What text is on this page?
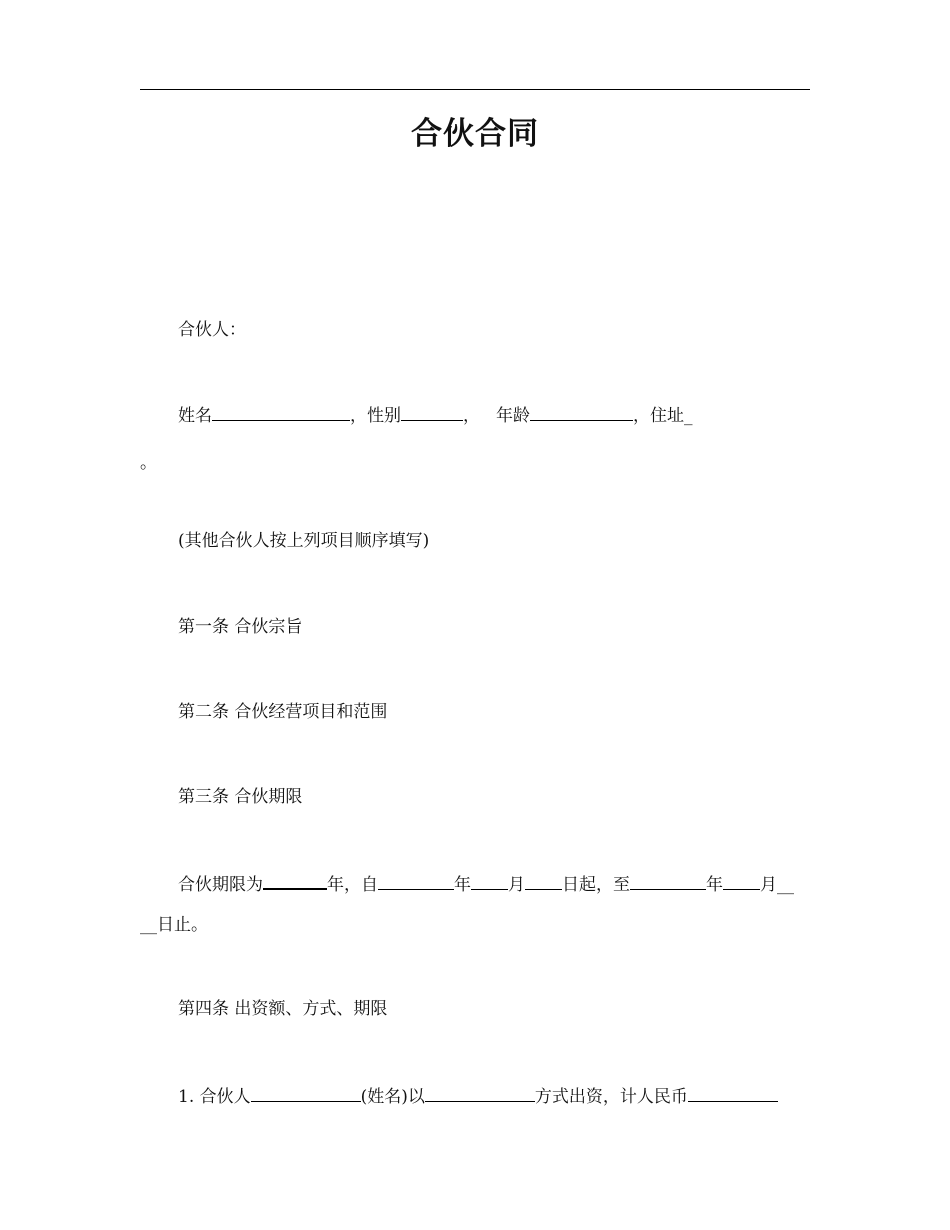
合伙合同
合伙人：
姓名	，性别	， 年龄	，住址_
。
(其他合伙人按上列项目顺序填写)
第一条 合伙宗旨
第二条 合伙经营项目和范围
第三条 合伙期限
合伙期限为	年，自	年 月 日起，至	年 月__
__日止。
第四条 出资额、方式、期限
1. 合伙人	(姓名)以	方式出资，计人民币
